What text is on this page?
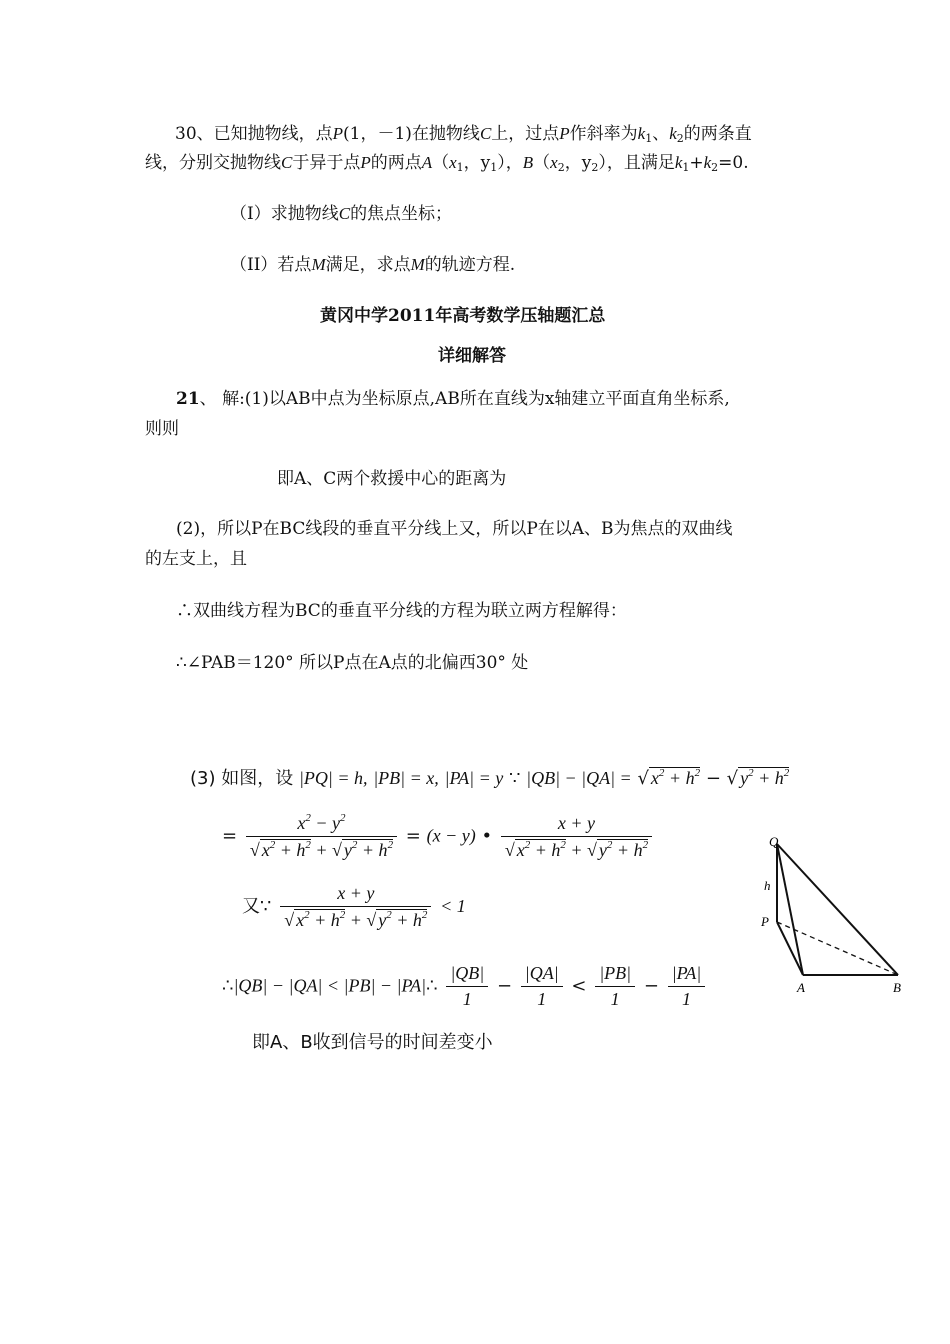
30、已知抛物线，点P(1，－1)在抛物线C上，过点P作斜率为$k_1$、$k_2$的两条直
线，分别交抛物线C于异于点P的两点$A(x_1$，$y_1$），$B(x_2$，$y_2$），且满足$k_1+k_2=0$.
（I）求抛物线C的焦点坐标；
（II）若点M满足，求点M的轨迹方程.
黄冈中学2011年高考数学压轴题汇总
详细解答
21、 解:(1)以AB中点为坐标原点,AB所在直线为x轴建立平面直角坐标系,
则则
即A、C两个救援中心的距离为
(2)，所以P在BC线段的垂直平分线上又，所以P在以A、B为焦点的双曲线
的左支上，且
∴双曲线方程为BC的垂直平分线的方程为联立两方程解得：
∴∠PAB＝120° 所以P点在A点的北偏西30° 处
(3) 如图，设 |PQ| = h, |PB| = x, |PA| = y ∵ |QB| − |QA| = √ $x^2 + h^2$ − √ $y^2 + h^2$
= $\frac{x^2 - y^2}{√ x^2 + h^2 + √ y^2 + h^2} = (x - y)$ • $\frac{x + y}{√ x^2 + h^2 + √ y^2 + h^2}$
又∵ $\frac{x + y}{√ x^2 + h^2 + √ y^2 + h^2} < 1$
∴|QB| − |QA| < |PB| − |PA|∴ $\frac{|QB|}{1} - \frac{|QA|}{1} < \frac{|PB|}{1} - \frac{|PA|}{1}$
即A、B收到信号的时间差变小
Q
h
P
A	B
